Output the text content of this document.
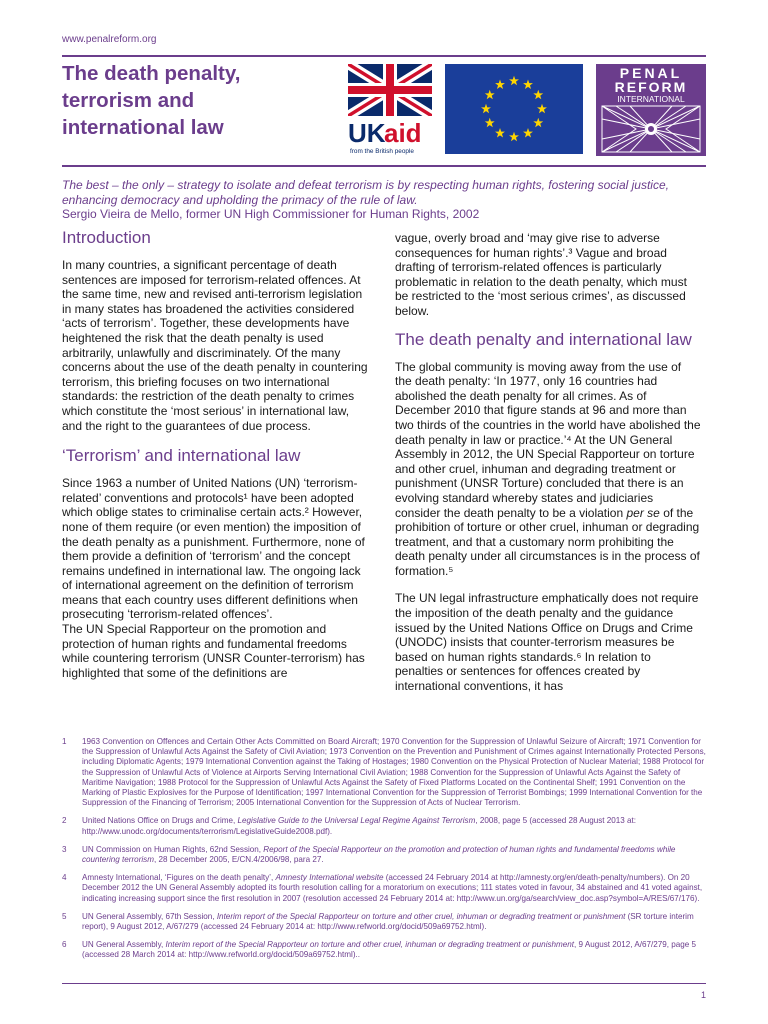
www.penalreform.org
The death penalty,
terrorism and
international law	UK
aid
from the British people
PENAL
REFORM
INTERNATIONAL
The best – the only – strategy to isolate and defeat terrorism is by respecting human rights, fostering social justice, enhancing democracy and upholding the primacy of the rule of law.
Sergio Vieira de Mello, former UN High Commissioner for Human Rights, 2002
Introduction

In many countries, a significant percentage of death sentences are imposed for terrorism-related offences. At the same time, new and revised anti-terrorism legislation in many states has broadened the activities considered ‘acts of terrorism’. Together, these developments have heightened the risk that the death penalty is used arbitrarily, unlawfully and discriminately. Of the many concerns about the use of the death penalty in countering terrorism, this briefing focuses on two international standards: the restriction of the death penalty to crimes which constitute the ‘most serious’ in international law, and the right to the guarantees of due process.

‘Terrorism’ and international law

Since 1963 a number of United Nations (UN) ‘terrorism-related’ conventions and protocols¹ have been adopted which oblige states to criminalise certain acts.² However, none of them require (or even mention) the imposition of the death penalty as a punishment. Furthermore, none of them provide a definition of ‘terrorism’ and the concept remains undefined in international law. The ongoing lack of international agreement on the definition of terrorism means that each country uses different definitions when prosecuting ‘terrorism-related offences’.

The UN Special Rapporteur on the promotion and protection of human rights and fundamental freedoms while countering terrorism (UNSR Counter-terrorism) has highlighted that some of the definitions are

vague, overly broad and ‘may give rise to adverse consequences for human rights’.³ Vague and broad drafting of terrorism-related offences is particularly problematic in relation to the death penalty, which must be restricted to the ‘most serious crimes’, as discussed below.

The death penalty and international law

The global community is moving away from the use of the death penalty: ‘In 1977, only 16 countries had abolished the death penalty for all crimes. As of December 2010 that figure stands at 96 and more than two thirds of the countries in the world have abolished the death penalty in law or practice.’⁴ At the UN General Assembly in 2012, the UN Special Rapporteur on torture and other cruel, inhuman and degrading treatment or punishment (UNSR Torture) concluded that there is an evolving standard whereby states and judiciaries consider the death penalty to be a violation per se of the prohibition of torture or other cruel, inhuman or degrading treatment, and that a customary norm prohibiting the death penalty under all circumstances is in the process of formation.⁵

The UN legal infrastructure emphatically does not require the imposition of the death penalty and the guidance issued by the United Nations Office on Drugs and Crime (UNODC) insists that counter-terrorism measures be based on human rights standards.⁶ In relation to penalties or sentences for offences created by international conventions, it has

1	1963 Convention on Offences and Certain Other Acts Committed on Board Aircraft; 1970 Convention for the Suppression of Unlawful Seizure of Aircraft; 1971 Convention for the Suppression of Unlawful Acts Against the Safety of Civil Aviation; 1973 Convention on the Prevention and Punishment of Crimes against Internationally Protected Persons, including Diplomatic Agents; 1979 International Convention against the Taking of Hostages; 1980 Convention on the Physical Protection of Nuclear Material; 1988 Protocol for the Suppression of Unlawful Acts of Violence at Airports Serving International Civil Aviation; 1988 Convention for the Suppression of Unlawful Acts Against the Safety of Maritime Navigation; 1988 Protocol for the Suppression of Unlawful Acts Against the Safety of Fixed Platforms Located on the Continental Shelf; 1991 Convention on the Marking of Plastic Explosives for the Purpose of Identification; 1997 International Convention for the Suppression of Terrorist Bombings; 1999 International Convention for the Suppression of the Financing of Terrorism; 2005 International Convention for the Suppression of Acts of Nuclear Terrorism.
2	United Nations Office on Drugs and Crime, Legislative Guide to the Universal Legal Regime Against Terrorism, 2008, page 5 (accessed 28 August 2013 at: http://www.unodc.org/documents/terrorism/LegislativeGuide2008.pdf).
3	UN Commission on Human Rights, 62nd Session, Report of the Special Rapporteur on the promotion and protection of human rights and fundamental freedoms while countering terrorism, 28 December 2005, E/CN.4/2006/98, para 27.
4	Amnesty International, ‘Figures on the death penalty’, Amnesty International website (accessed 24 February 2014 at http://amnesty.org/en/death-penalty/numbers). On 20 December 2012 the UN General Assembly adopted its fourth resolution calling for a moratorium on executions; 111 states voted in favour, 34 abstained and 41 voted against, indicating increasing support since the first resolution in 2007 (resolution accessed 24 February 2014 at: http://www.un.org/ga/search/view_doc.asp?symbol=A/RES/67/176).
5	UN General Assembly, 67th Session, Interim report of the Special Rapporteur on torture and other cruel, inhuman or degrading treatment or punishment (SR torture interim report), 9 August 2012, A/67/279 (accessed 24 February 2014 at: http://www.refworld.org/docid/509a69752.html).
6	UN General Assembly, Interim report of the Special Rapporteur on torture and other cruel, inhuman or degrading treatment or punishment, 9 August 2012, A/67/279, page 5 (accessed 28 March 2014 at: http://www.refworld.org/docid/509a69752.html)..
1
